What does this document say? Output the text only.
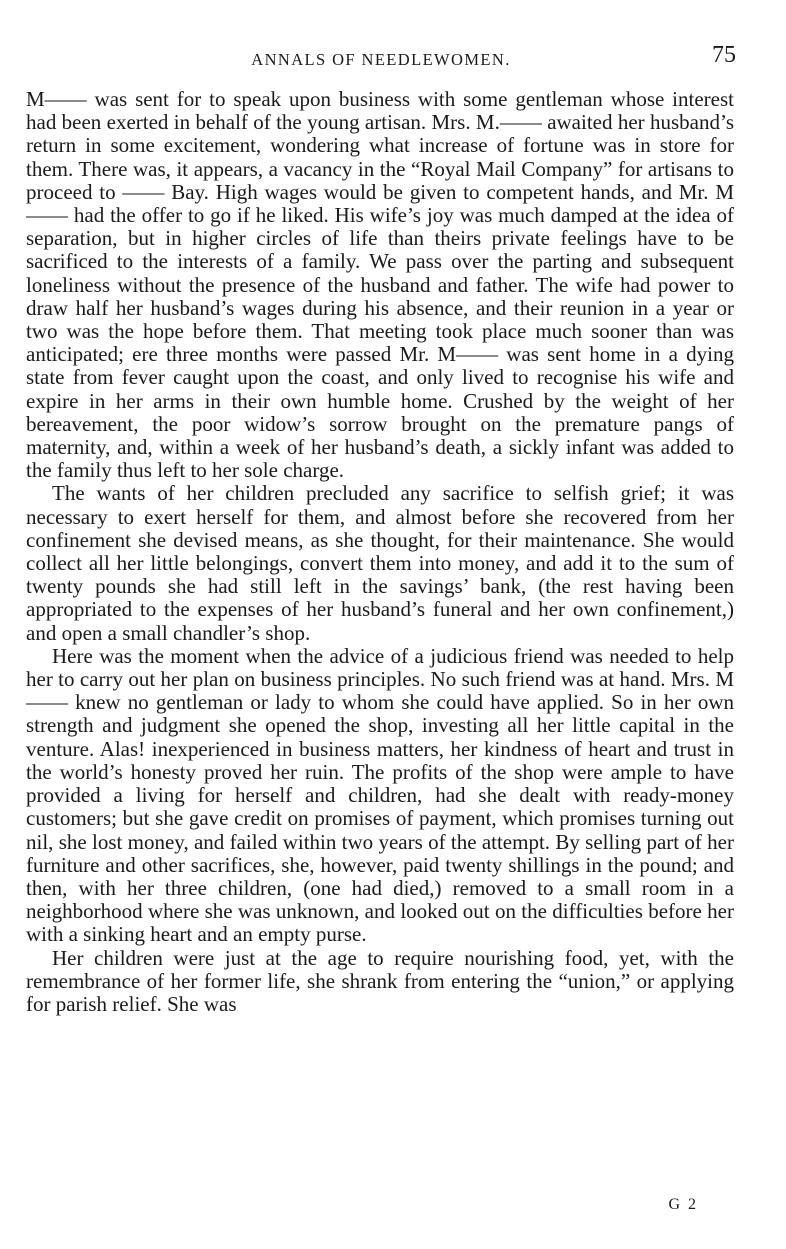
ANNALS OF NEEDLEWOMEN.	75

M—— was sent for to speak upon business with some gentleman whose interest had been exerted in behalf of the young artisan. Mrs. M.—— awaited her husband’s return in some excitement, wondering what increase of fortune was in store for them. There was, it appears, a vacancy in the “Royal Mail Company” for artisans to proceed to —— Bay. High wages would be given to competent hands, and Mr. M—— had the offer to go if he liked. His wife’s joy was much damped at the idea of separation, but in higher circles of life than theirs private feelings have to be sacrificed to the interests of a family. We pass over the parting and subsequent loneliness without the presence of the husband and father. The wife had power to draw half her husband’s wages during his absence, and their reunion in a year or two was the hope before them. That meeting took place much sooner than was anticipated; ere three months were passed Mr. M—— was sent home in a dying state from fever caught upon the coast, and only lived to recognise his wife and expire in her arms in their own humble home. Crushed by the weight of her bereavement, the poor widow’s sorrow brought on the premature pangs of maternity, and, within a week of her husband’s death, a sickly infant was added to the family thus left to her sole charge.

The wants of her children precluded any sacrifice to selfish grief; it was necessary to exert herself for them, and almost before she recovered from her confinement she devised means, as she thought, for their maintenance. She would collect all her little belongings, convert them into money, and add it to the sum of twenty pounds she had still left in the savings’ bank, (the rest having been appropriated to the expenses of her husband’s funeral and her own confinement,) and open a small chandler’s shop.

Here was the moment when the advice of a judicious friend was needed to help her to carry out her plan on business principles. No such friend was at hand. Mrs. M—— knew no gentleman or lady to whom she could have applied. So in her own strength and judgment she opened the shop, investing all her little capital in the venture. Alas! inexperienced in business matters, her kindness of heart and trust in the world’s honesty proved her ruin. The profits of the shop were ample to have provided a living for herself and children, had she dealt with ready-money customers; but she gave credit on promises of payment, which promises turning out nil, she lost money, and failed within two years of the attempt. By selling part of her furniture and other sacrifices, she, however, paid twenty shillings in the pound; and then, with her three children, (one had died,) removed to a small room in a neighborhood where she was unknown, and looked out on the difficulties before her with a sinking heart and an empty purse.

Her children were just at the age to require nourishing food, yet, with the remembrance of her former life, she shrank from entering the “union,” or applying for parish relief. She was

G 2
